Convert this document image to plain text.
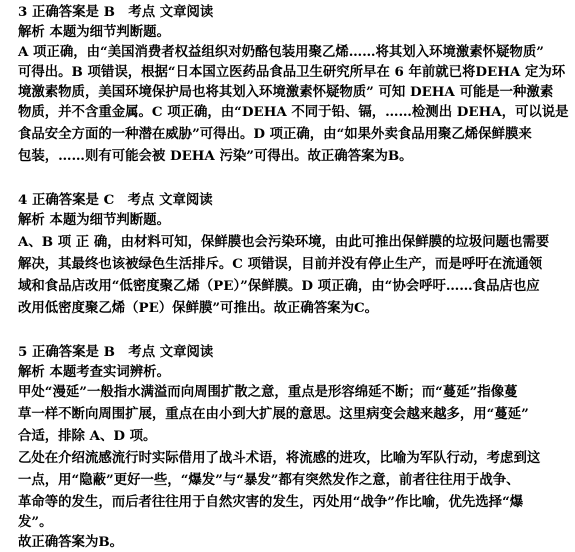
3 正确答案是 B　考点 文章阅读
解析 本题为细节判断题。
A 项正确，由“美国消费者权益组织对奶酪包装用聚乙烯……将其划入环境激素怀疑物质”
可得出。B 项错误，根据“日本国立医药品食品卫生研究所早在 6 年前就已将DEHA 定为环
境激素物质，美国环境保护局也将其划入环境激素怀疑物质” 可知 DEHA 可能是一种激素
物质，并不含重金属。C 项正确，由“DEHA 不同于铅、镉，……检测出 DEHA，可以说是
食品安全方面的一种潜在威胁”可得出。D 项正确，由“如果外卖食品用聚乙烯保鲜膜来
包装，……则有可能会被 DEHA 污染”可得出。故正确答案为B。
4 正确答案是 C　考点 文章阅读
解析 本题为细节判断题。
A、B 项 正 确，由材料可知，保鲜膜也会污染环境，由此可推出保鲜膜的垃圾问题也需要
解决，其最终也该被绿色生活排斥。C 项错误，目前并没有停止生产，而是呼吁在流通领
域和食品店改用“低密度聚乙烯（PE）”保鲜膜。D 项正确，由“协会呼吁……食品店也应
改用低密度聚乙烯（PE）保鲜膜”可推出。故正确答案为C。
5 正确答案是 B　考点 文章阅读
解析 本题考查实词辨析。
甲处“漫延”一般指水满溢而向周围扩散之意，重点是形容绵延不断；而“蔓延”指像蔓
草一样不断向周围扩展，重点在由小到大扩展的意思。这里病变会越来越多，用“蔓延”
合适，排除 A、D 项。
乙处在介绍流感流行时实际借用了战斗术语，将流感的进攻，比喻为军队行动，考虑到这
一点，用“隐蔽”更好一些，“爆发”与“暴发”都有突然发作之意，前者往往用于战争、
革命等的发生，而后者往往用于自然灾害的发生，丙处用“战争”作比喻，优先选择“爆
发”。
故正确答案为B。
